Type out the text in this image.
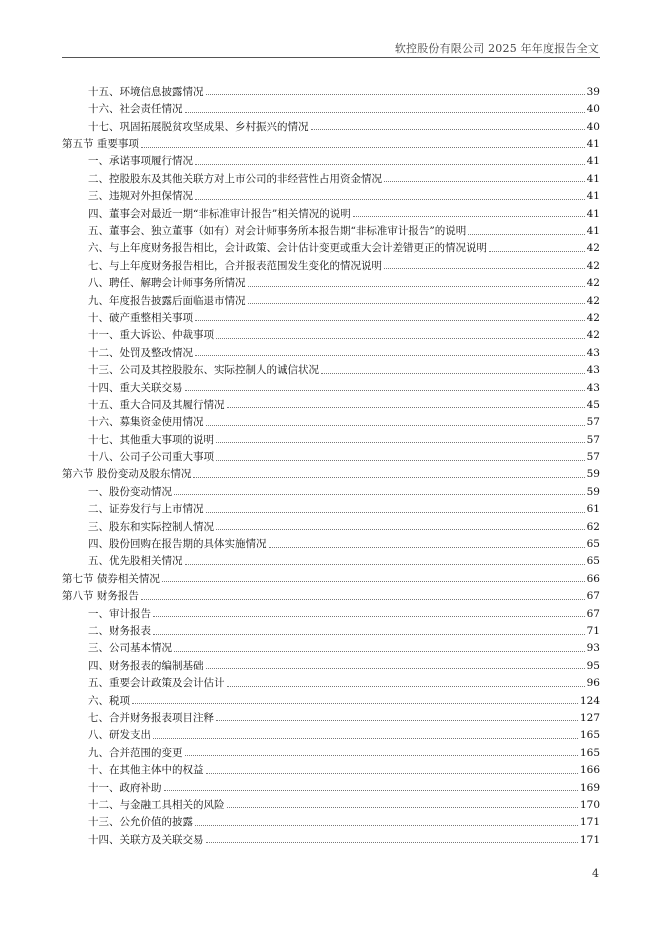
软控股份有限公司 2025 年年度报告全文
十五、环境信息披露情况	39
十六、社会责任情况	40
十七、巩固拓展脱贫攻坚成果、乡村振兴的情况	40
第五节 重要事项	41
一、承诺事项履行情况	41
二、控股股东及其他关联方对上市公司的非经营性占用资金情况	41
三、违规对外担保情况	41
四、董事会对最近一期“非标准审计报告”相关情况的说明	41
五、董事会、独立董事（如有）对会计师事务所本报告期“非标准审计报告”的说明	41
六、与上年度财务报告相比，会计政策、会计估计变更或重大会计差错更正的情况说明	42
七、与上年度财务报告相比，合并报表范围发生变化的情况说明	42
八、聘任、解聘会计师事务所情况	42
九、年度报告披露后面临退市情况	42
十、破产重整相关事项	42
十一、重大诉讼、仲裁事项	42
十二、处罚及整改情况	43
十三、公司及其控股股东、实际控制人的诚信状况	43
十四、重大关联交易	43
十五、重大合同及其履行情况	45
十六、募集资金使用情况	57
十七、其他重大事项的说明	57
十八、公司子公司重大事项	57
第六节 股份变动及股东情况	59
一、股份变动情况	59
二、证券发行与上市情况	61
三、股东和实际控制人情况	62
四、股份回购在报告期的具体实施情况	65
五、优先股相关情况	65
第七节 债券相关情况	66
第八节 财务报告	67
一、审计报告	67
二、财务报表	71
三、公司基本情况	93
四、财务报表的编制基础	95
五、重要会计政策及会计估计	96
六、税项	124
七、合并财务报表项目注释	127
八、研发支出	165
九、合并范围的变更	165
十、在其他主体中的权益	166
十一、政府补助	169
十二、与金融工具相关的风险	170
十三、公允价值的披露	171
十四、关联方及关联交易	171
4
